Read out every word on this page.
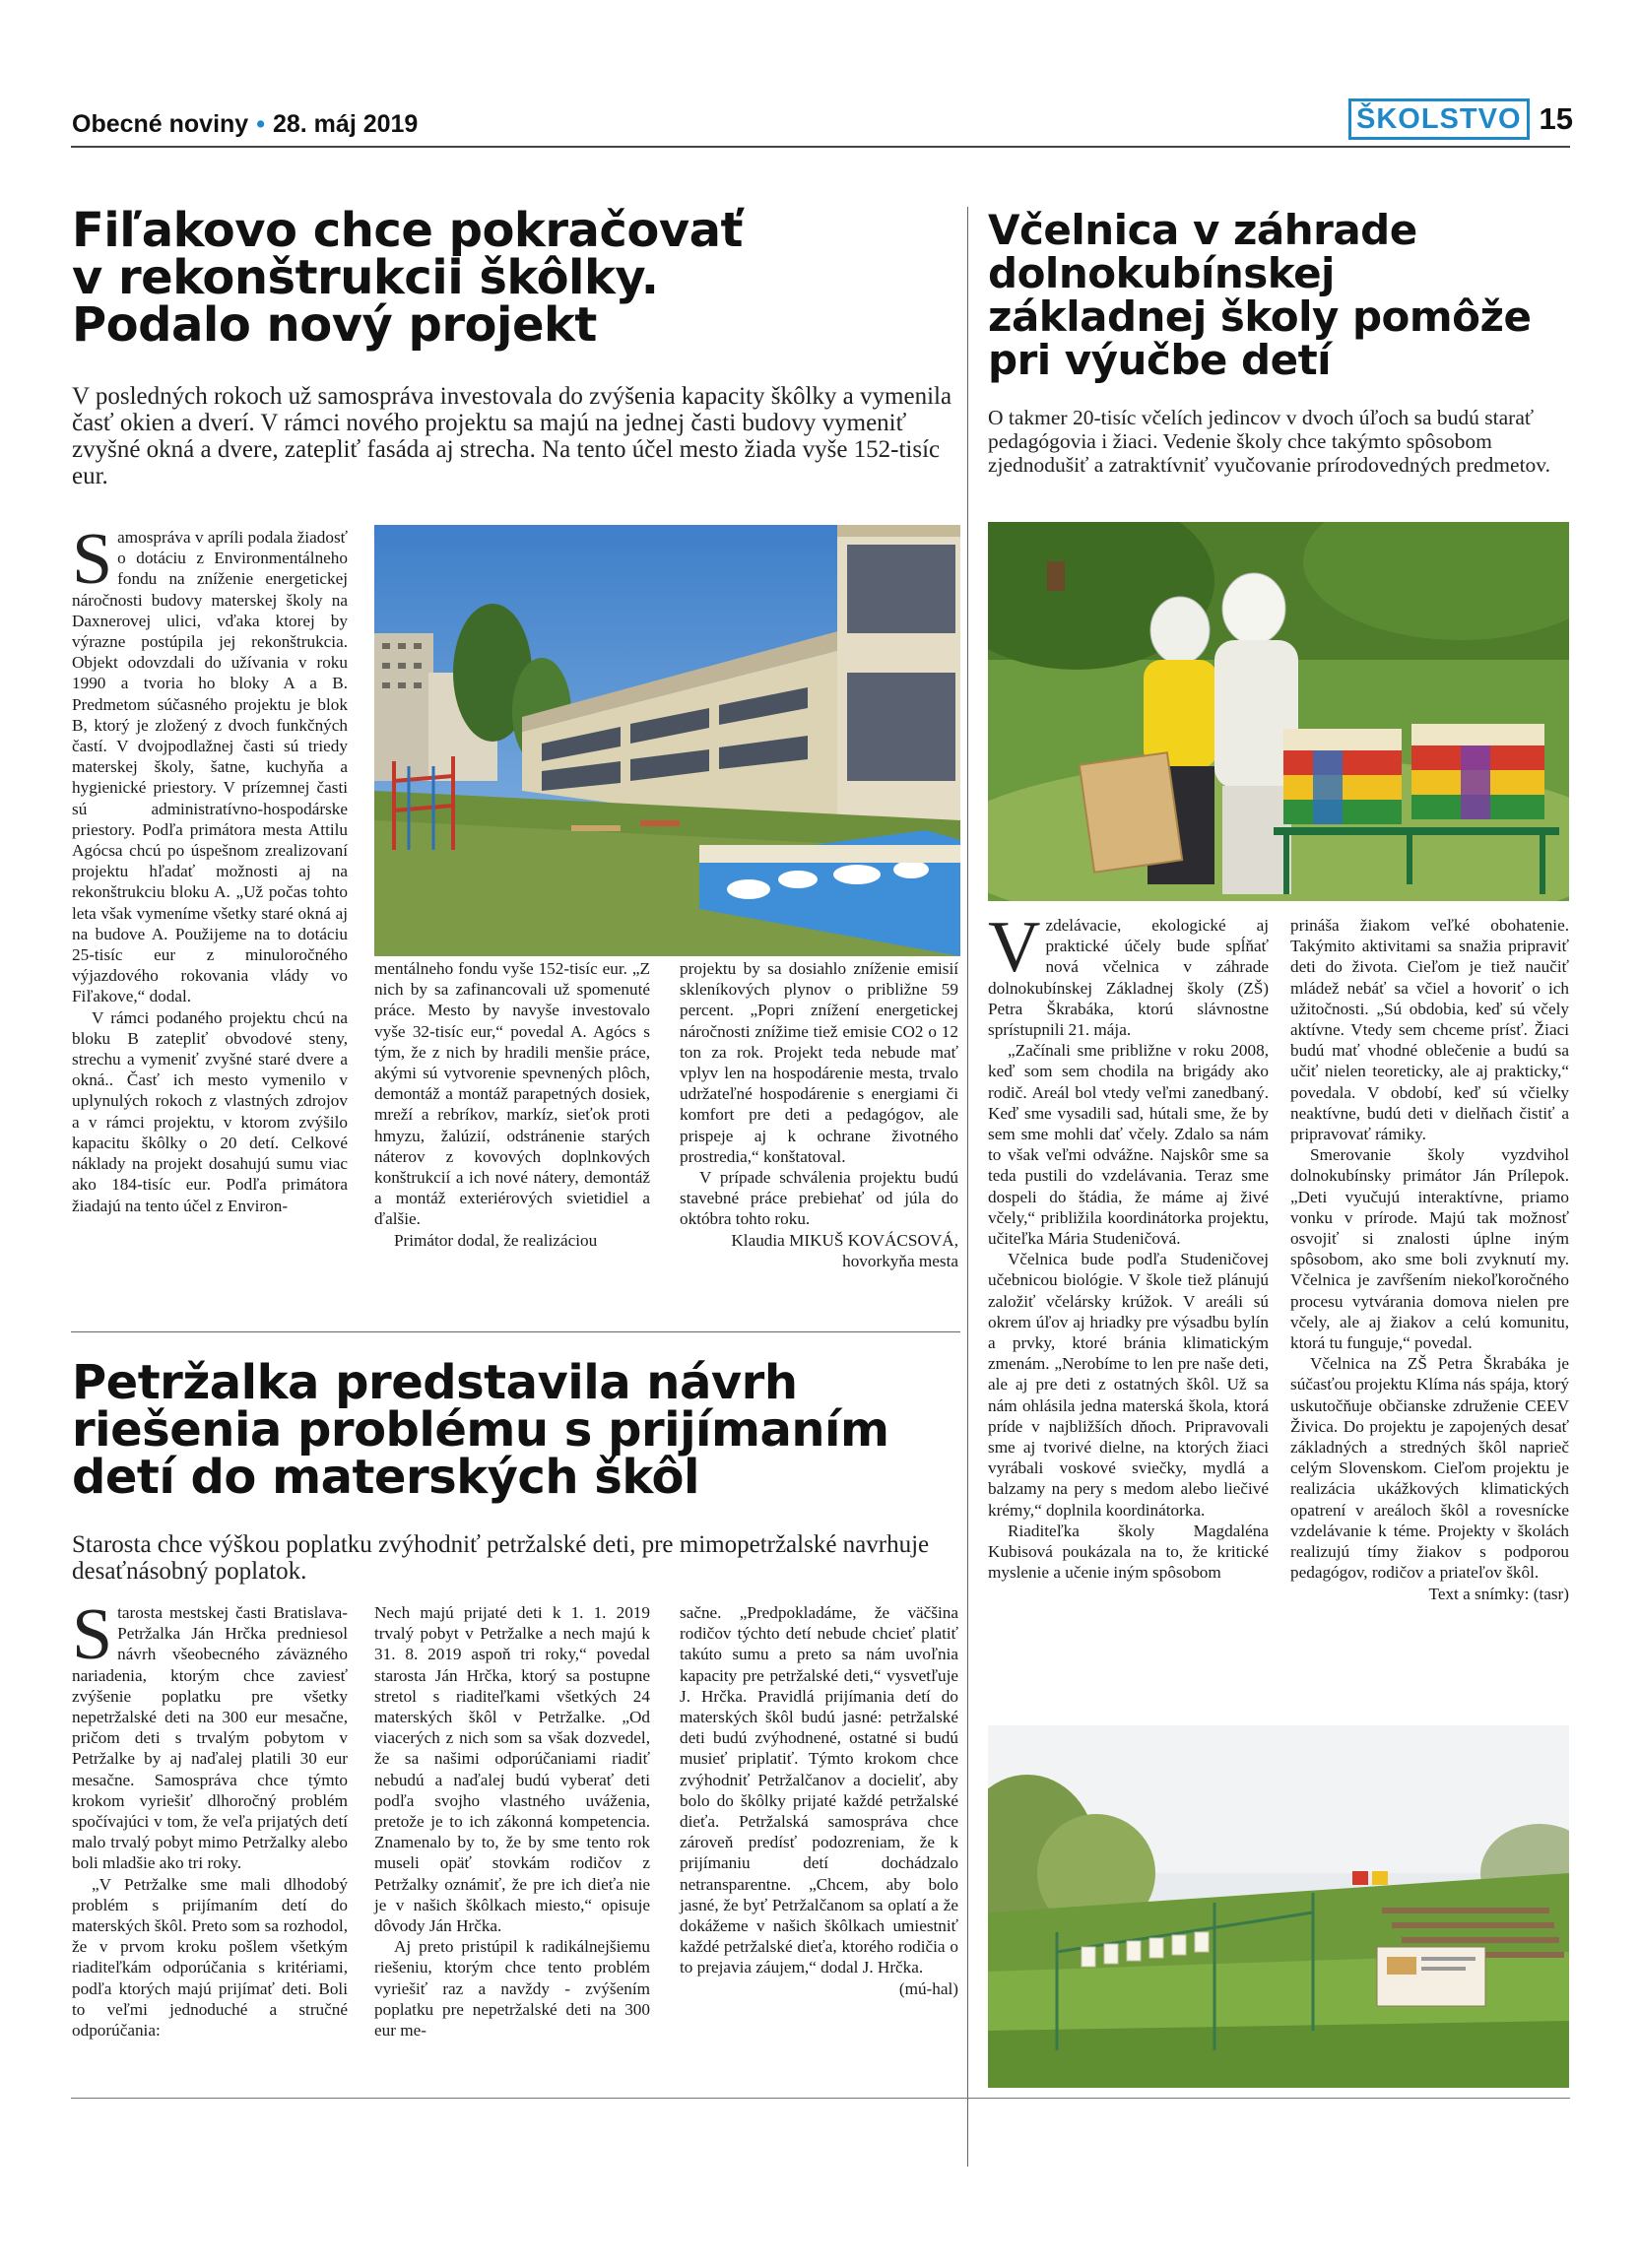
Obecné noviny • 28. máj 2019	ŠKOLSTVO 15
Fiľakovo chce pokračovať
v rekonštrukcii škôlky.
Podalo nový projekt
V posledných rokoch už samospráva investovala do zvýšenia kapacity škôlky a vymenila časť okien a dverí. V rámci nového projektu sa majú na jednej časti budovy vymeniť zvyšné okná a dvere, zatepliť fasáda aj strecha. Na tento účel mesto žiada vyše 152-tisíc eur.

Samospráva v apríli podala žiadosť o dotáciu z Environmentálneho fondu na zníženie energetickej náročnosti budovy materskej školy na Daxnerovej ulici, vďaka ktorej by výrazne postúpila jej rekonštrukcia. Objekt odovzdali do užívania v roku 1990 a tvoria ho bloky A a B. Predmetom súčasného projektu je blok B, ktorý je zložený z dvoch funkčných častí. V dvojpodlažnej časti sú triedy materskej školy, šatne, kuchyňa a hygienické priestory. V prízemnej časti sú administratívno-hospodárske priestory. Podľa primátora mesta Attilu Agócsa chcú po úspešnom zrealizovaní projektu hľadať možnosti aj na rekonštrukciu bloku A. „Už počas tohto leta však vymeníme všetky staré okná aj na budove A. Použijeme na to dotáciu 25-tisíc eur z minuloročného výjazdového rokovania vlády vo Fiľakove,“ dodal.

V rámci podaného projektu chcú na bloku B zatepliť obvodové steny, strechu a vymeniť zvyšné staré dvere a okná.. Časť ich mesto vymenilo v uplynulých rokoch z vlastných zdrojov a v rámci projektu, v ktorom zvýšilo kapacitu škôlky o 20 detí. Celkové náklady na projekt dosahujú sumu viac ako 184-tisíc eur. Podľa primátora žiadajú na tento účel z Environ-

mentálneho fondu vyše 152-tisíc eur. „Z nich by sa zafinancovali už spomenuté práce. Mesto by navyše investovalo vyše 32-tisíc eur,“ povedal A. Agócs s tým, že z nich by hradili menšie práce, akými sú vytvorenie spevnených plôch, demontáž a montáž parapetných dosiek, mreží a rebríkov, markíz, sieťok proti hmyzu, žalúzií, odstránenie starých náterov z kovových doplnkových konštrukcií a ich nové nátery, demontáž a montáž exteriérových svietidiel a ďalšie.

Primátor dodal, že realizáciou

projektu by sa dosiahlo zníženie emisií skleníkových plynov o približne 59 percent. „Popri znížení energetickej náročnosti znížime tiež emisie CO2 o 12 ton za rok. Projekt teda nebude mať vplyv len na hospodárenie mesta, trvalo udržateľné hospodárenie s energiami či komfort pre deti a pedagógov, ale prispeje aj k ochrane životného prostredia,“ konštatoval.

V prípade schválenia projektu budú stavebné práce prebiehať od júla do októbra tohto roku.

Klaudia MIKUŠ KOVÁCSOVÁ,

hovorkyňa mesta

Petržalka predstavila návrh
riešenia problému s prijímaním
detí do materských škôl
Starosta chce výškou poplatku zvýhodniť petržalské deti, pre mimopetržalské navrhuje desaťnásobný poplatok.

Starosta mestskej časti Bratislava-Petržalka Ján Hrčka predniesol návrh všeobecného záväzného nariadenia, ktorým chce zaviesť zvýšenie poplatku pre všetky nepetržalské deti na 300 eur mesačne, pričom deti s trvalým pobytom v Petržalke by aj naďalej platili 30 eur mesačne. Samospráva chce týmto krokom vyriešiť dlhoročný problém spočívajúci v tom, že veľa prijatých detí malo trvalý pobyt mimo Petržalky alebo boli mladšie ako tri roky.

„V Petržalke sme mali dlhodobý problém s prijímaním detí do materských škôl. Preto som sa rozhodol, že v prvom kroku pošlem všetkým riaditeľkám odporúčania s kritériami, podľa ktorých majú prijímať deti. Boli to veľmi jednoduché a stručné odporúčania:

Nech majú prijaté deti k 1. 1. 2019 trvalý pobyt v Petržalke a nech majú k 31. 8. 2019 aspoň tri roky,“ povedal starosta Ján Hrčka, ktorý sa postupne stretol s riaditeľkami všetkých 24 materských škôl v Petržalke. „Od viacerých z nich som sa však dozvedel, že sa našimi odporúčaniami riadiť nebudú a naďalej budú vyberať deti podľa svojho vlastného uváženia, pretože je to ich zákonná kompetencia. Znamenalo by to, že by sme tento rok museli opäť stovkám rodičov z Petržalky oznámiť, že pre ich dieťa nie je v našich škôlkach miesto,“ opisuje dôvody Ján Hrčka.

Aj preto pristúpil k radikálnejšiemu riešeniu, ktorým chce tento problém vyriešiť raz a navždy - zvýšením poplatku pre nepetržalské deti na 300 eur me-

sačne. „Predpokladáme, že väčšina rodičov týchto detí nebude chcieť platiť takúto sumu a preto sa nám uvoľnia kapacity pre petržalské deti,“ vysvetľuje J. Hrčka. Pravidlá prijímania detí do materských škôl budú jasné: petržalské deti budú zvýhodnené, ostatné si budú musieť priplatiť. Týmto krokom chce zvýhodniť Petržalčanov a docieliť, aby bolo do škôlky prijaté každé petržalské dieťa. Petržalská samospráva chce zároveň predísť podozreniam, že k prijímaniu detí dochádzalo netransparentne. „Chcem, aby bolo jasné, že byť Petržalčanom sa oplatí a že dokážeme v našich škôlkach umiestniť každé petržalské dieťa, ktorého rodičia o to prejavia záujem,“ dodal J. Hrčka.

(mú-hal)

Včelnica v záhrade
dolnokubínskej
základnej školy pomôže
pri výučbe detí
O takmer 20-tisíc včelích jedincov v dvoch úľoch sa budú starať pedagógovia i žiaci. Vedenie školy chce takýmto spôsobom zjednodušiť a zatraktívniť vyučovanie prírodovedných predmetov.

Vzdelávacie, ekologické aj praktické účely bude spĺňať nová včelnica v záhrade dolnokubínskej Základnej školy (ZŠ) Petra Škrabáka, ktorú slávnostne sprístupnili 21. mája.

„Začínali sme približne v roku 2008, keď som sem chodila na brigády ako rodič. Areál bol vtedy veľmi zanedbaný. Keď sme vysadili sad, hútali sme, že by sem sme mohli dať včely. Zdalo sa nám to však veľmi odvážne. Najskôr sme sa teda pustili do vzdelávania. Teraz sme dospeli do štádia, že máme aj živé včely,“ približila koordinátorka projektu, učiteľka Mária Studeničová.

Včelnica bude podľa Studeničovej učebnicou biológie. V škole tiež plánujú založiť včelársky krúžok. V areáli sú okrem úľov aj hriadky pre výsadbu bylín a prvky, ktoré bránia klimatickým zmenám. „Nerobíme to len pre naše deti, ale aj pre deti z ostatných škôl. Už sa nám ohlásila jedna materská škola, ktorá príde v najbližších dňoch. Pripravovali sme aj tvorivé dielne, na ktorých žiaci vyrábali voskové sviečky, mydlá a balzamy na pery s medom alebo liečivé krémy,“ doplnila koordinátorka.

Riaditeľka školy Magdaléna Kubisová poukázala na to, že kritické myslenie a učenie iným spôsobom

prináša žiakom veľké obohatenie. Takýmito aktivitami sa snažia pripraviť deti do života. Cieľom je tiež naučiť mládež nebáť sa včiel a hovoriť o ich užitočnosti. „Sú obdobia, keď sú včely aktívne. Vtedy sem chceme prísť. Žiaci budú mať vhodné oblečenie a budú sa učiť nielen teoreticky, ale aj prakticky,“ povedala. V období, keď sú včielky neaktívne, budú deti v dielňach čistiť a pripravovať rámiky.

Smerovanie školy vyzdvihol dolnokubínsky primátor Ján Prílepok. „Deti vyučujú interaktívne, priamo vonku v prírode. Majú tak možnosť osvojiť si znalosti úplne iným spôsobom, ako sme boli zvyknutí my. Včelnica je zavŕšením niekoľkoročného procesu vytvárania domova nielen pre včely, ale aj žiakov a celú komunitu, ktorá tu funguje,“ povedal.

Včelnica na ZŠ Petra Škrabáka je súčasťou projektu Klíma nás spája, ktorý uskutočňuje občianske združenie CEEV Živica. Do projektu je zapojených desať základných a stredných škôl naprieč celým Slovenskom. Cieľom projektu je realizácia ukážkových klimatických opatrení v areáloch škôl a rovesnícke vzdelávanie k téme. Projekty v školách realizujú tímy žiakov s podporou pedagógov, rodičov a priateľov škôl.

Text a snímky: (tasr)
